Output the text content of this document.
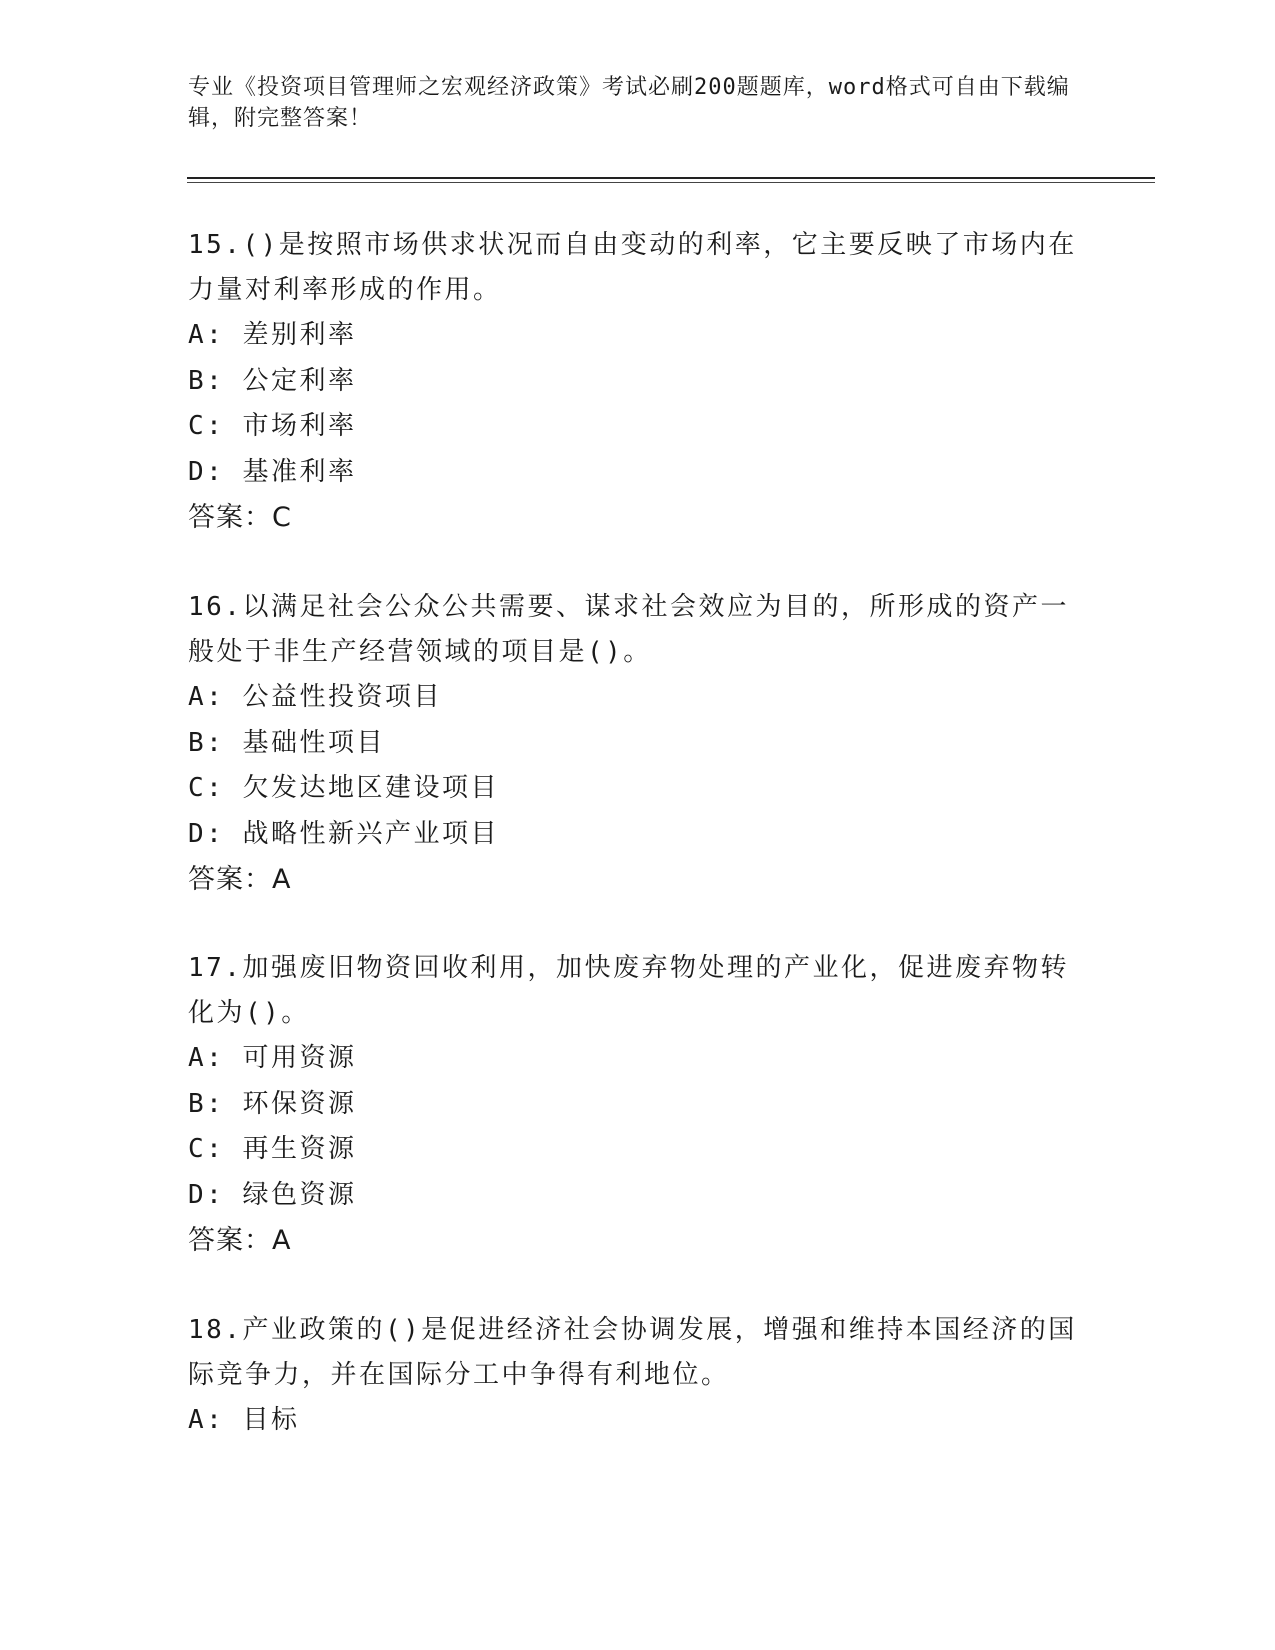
专业《投资项目管理师之宏观经济政策》考试必刷200题题库，word格式可自由下载编辑，附完整答案！

15.()是按照市场供求状况而自由变动的利率，它主要反映了市场内在力量对利率形成的作用。

A: 差别利率

B: 公定利率

C: 市场利率

D: 基准利率

答案：C

16.以满足社会公众公共需要、谋求社会效应为目的，所形成的资产一般处于非生产经营领域的项目是()。

A: 公益性投资项目

B: 基础性项目

C: 欠发达地区建设项目

D: 战略性新兴产业项目

答案：A

17.加强废旧物资回收利用，加快废弃物处理的产业化，促进废弃物转化为()。

A: 可用资源

B: 环保资源

C: 再生资源

D: 绿色资源

答案：A

18.产业政策的()是促进经济社会协调发展，增强和维持本国经济的国际竞争力，并在国际分工中争得有利地位。

A: 目标
